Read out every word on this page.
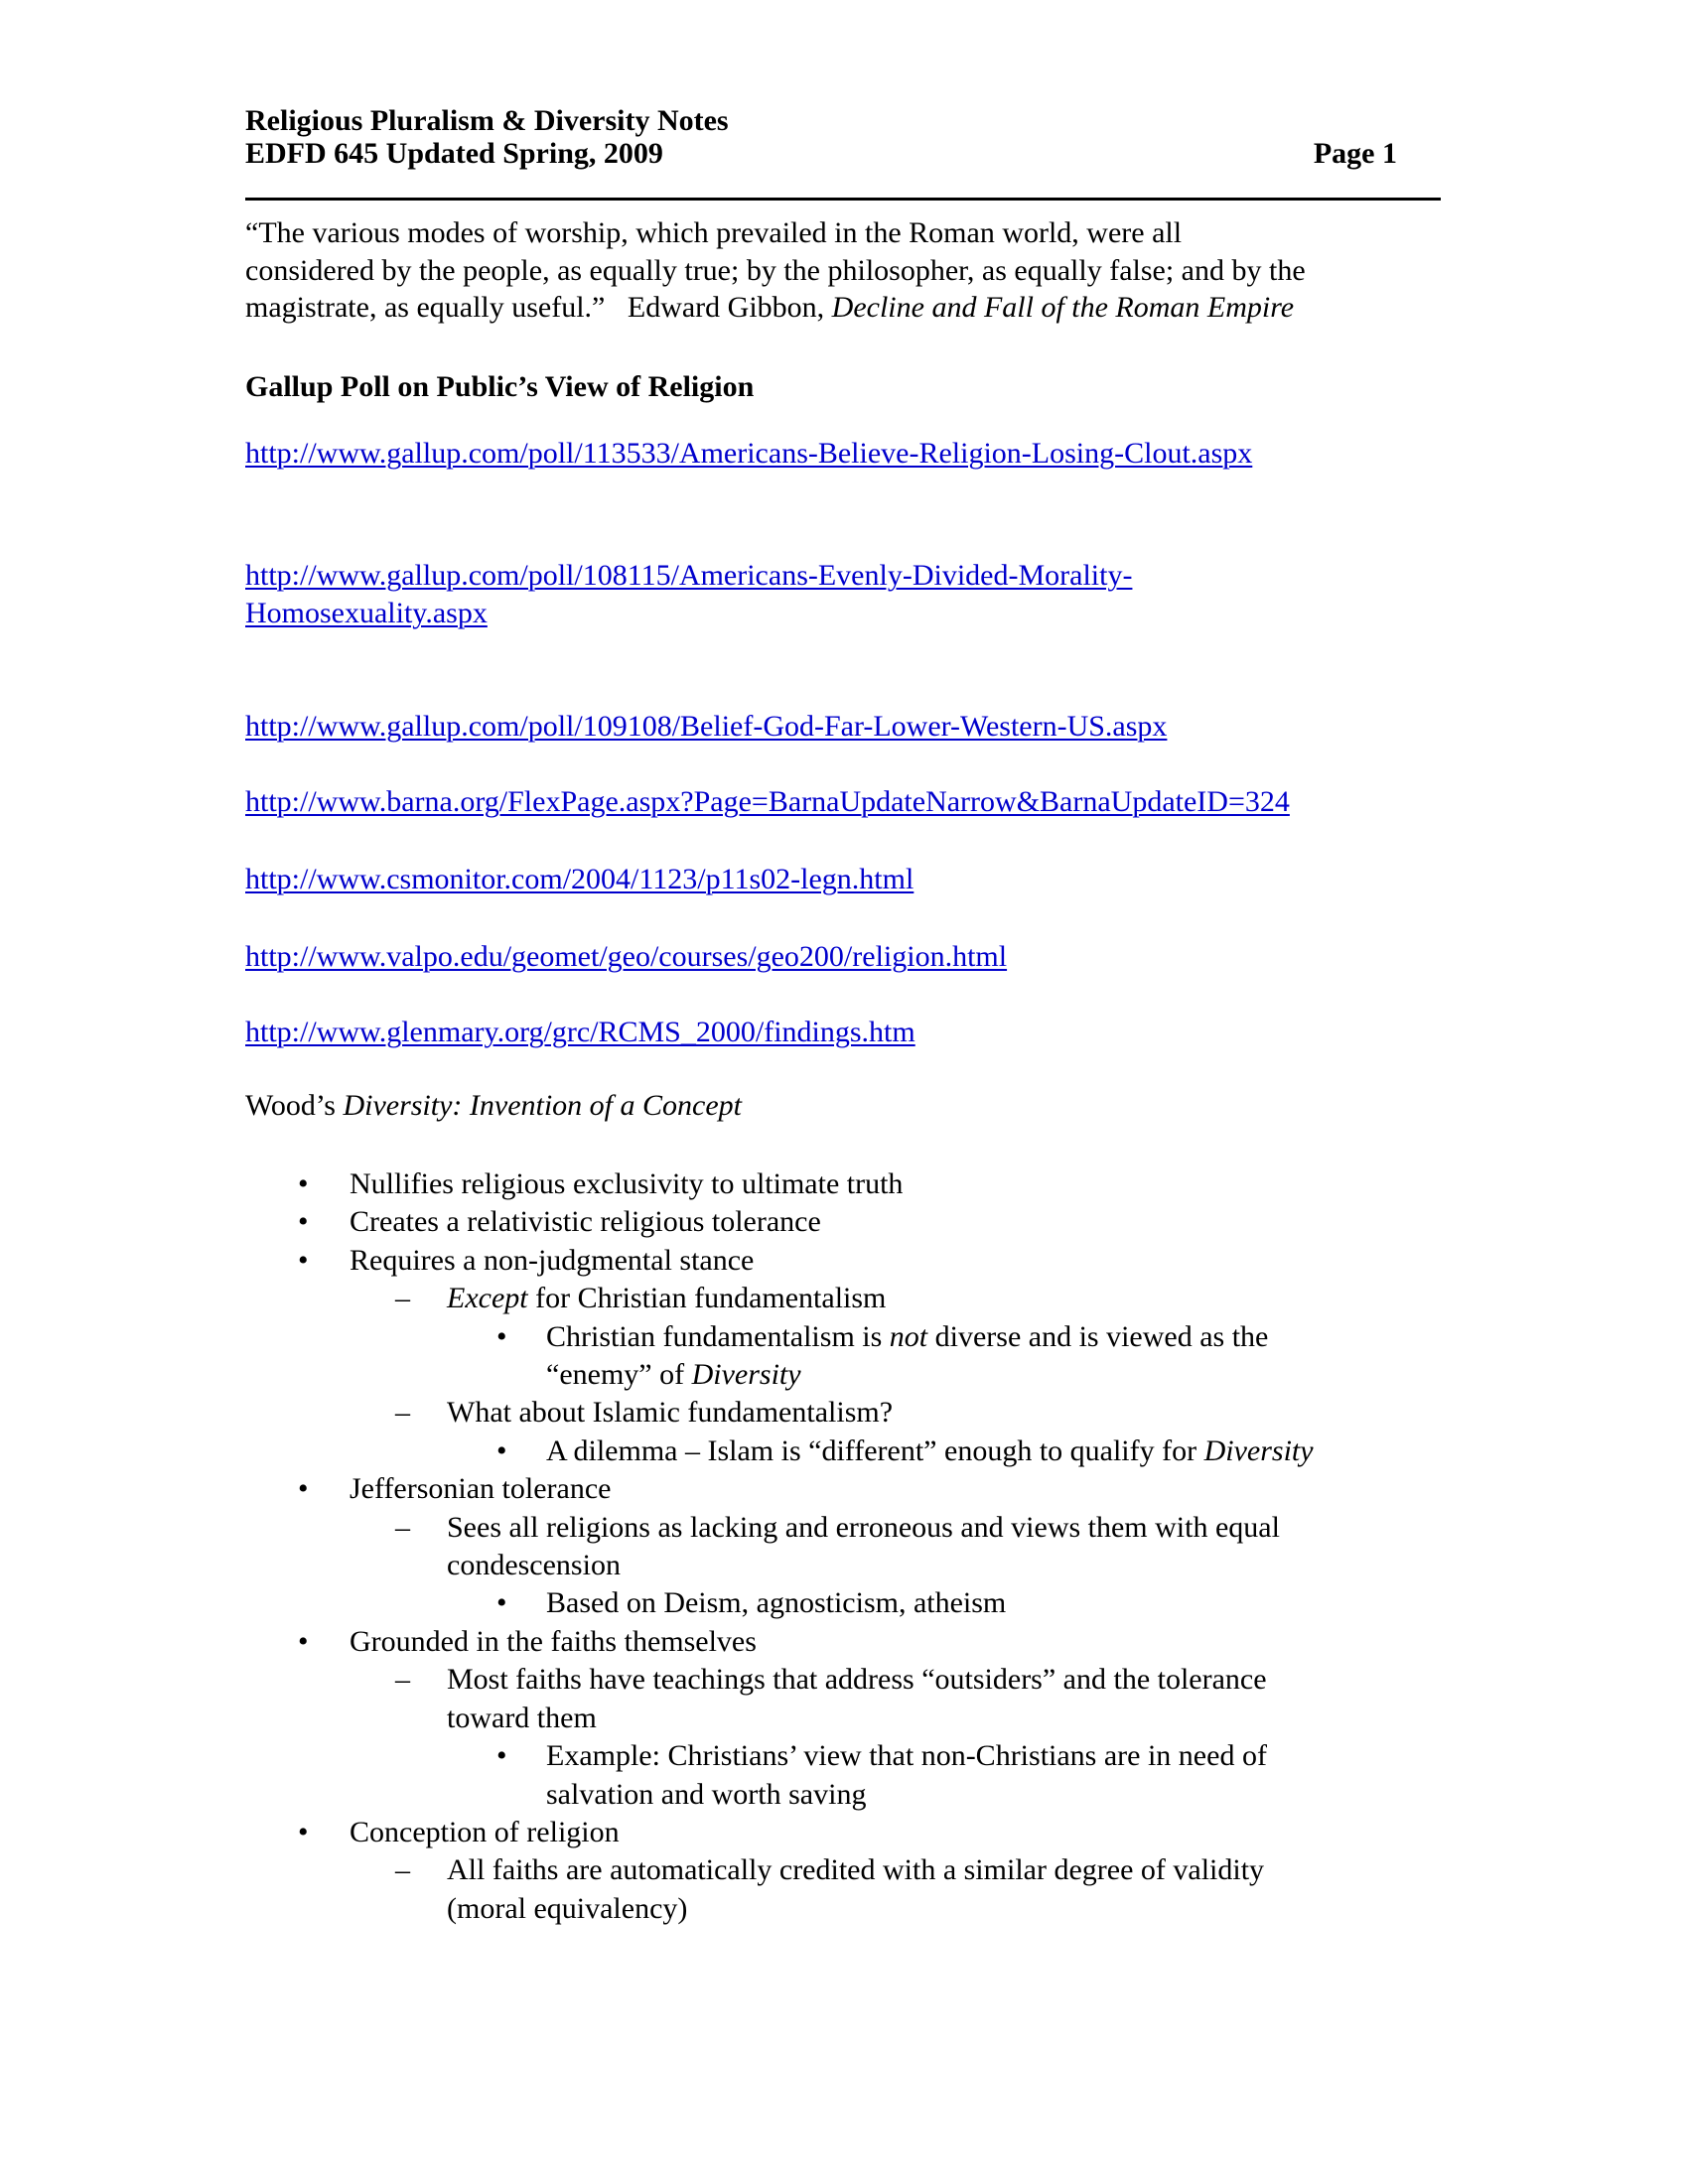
Religious Pluralism & Diversity Notes
EDFD 645 Updated Spring, 2009	Page 1
“The various modes of worship, which prevailed in the Roman world, were all
considered by the people, as equally true; by the philosopher, as equally false; and by the
magistrate, as equally useful.”   Edward Gibbon, Decline and Fall of the Roman Empire
Gallup Poll on Public’s View of Religion
http://www.gallup.com/poll/113533/Americans-Believe-Religion-Losing-Clout.aspx
http://www.gallup.com/poll/108115/Americans-Evenly-Divided-Morality-
Homosexuality.aspx
http://www.gallup.com/poll/109108/Belief-God-Far-Lower-Western-US.aspx
http://www.barna.org/FlexPage.aspx?Page=BarnaUpdateNarrow&BarnaUpdateID=324
http://www.csmonitor.com/2004/1123/p11s02-legn.html
http://www.valpo.edu/geomet/geo/courses/geo200/religion.html
http://www.glenmary.org/grc/RCMS_2000/findings.htm
Wood’s Diversity: Invention of a Concept
• Nullifies religious exclusivity to ultimate truth
• Creates a relativistic religious tolerance
• Requires a non-judgmental stance
– Except for Christian fundamentalism
• Christian fundamentalism is not diverse and is viewed as the
“enemy” of Diversity
– What about Islamic fundamentalism?
• A dilemma – Islam is “different” enough to qualify for Diversity
• Jeffersonian tolerance
– Sees all religions as lacking and erroneous and views them with equal
condescension
• Based on Deism, agnosticism, atheism
• Grounded in the faiths themselves
– Most faiths have teachings that address “outsiders” and the tolerance
toward them
• Example: Christians’ view that non-Christians are in need of
salvation and worth saving
• Conception of religion
– All faiths are automatically credited with a similar degree of validity
(moral equivalency)
